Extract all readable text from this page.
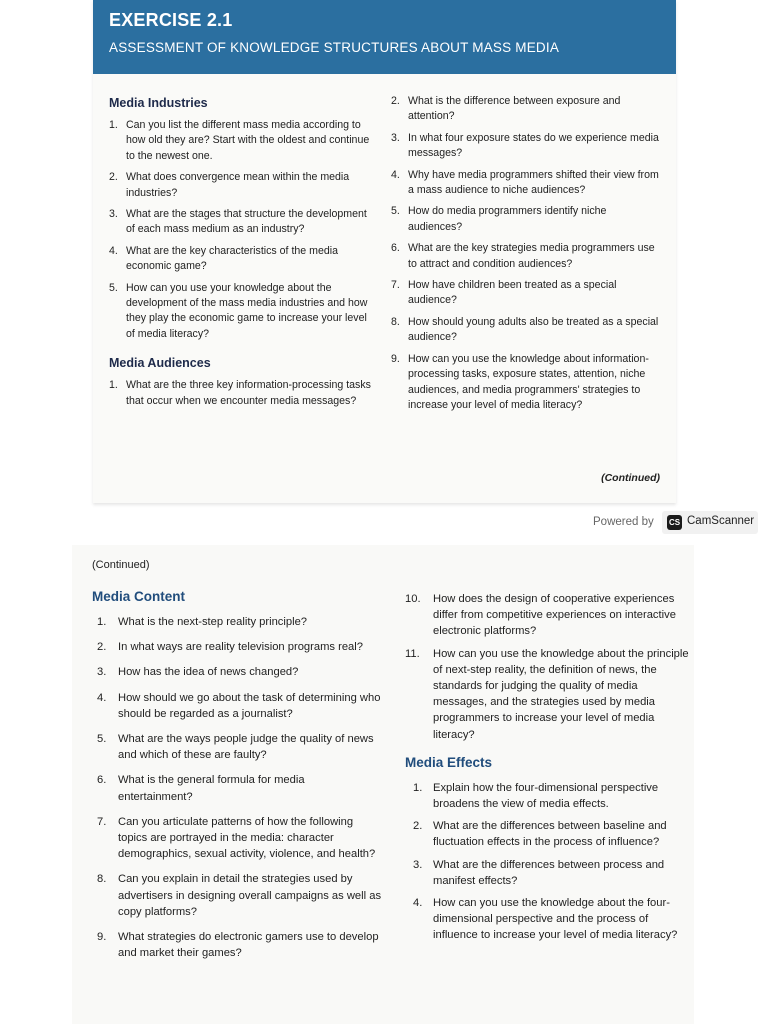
EXERCISE 2.1
ASSESSMENT OF KNOWLEDGE STRUCTURES ABOUT MASS MEDIA
Media Industries
1. Can you list the different mass media according to how old they are? Start with the oldest and continue to the newest one.
2. What does convergence mean within the media industries?
3. What are the stages that structure the development of each mass medium as an industry?
4. What are the key characteristics of the media economic game?
5. How can you use your knowledge about the development of the mass media industries and how they play the economic game to increase your level of media literacy?
Media Audiences
1. What are the three key information-processing tasks that occur when we encounter media messages?
2. What is the difference between exposure and attention?
3. In what four exposure states do we experience media messages?
4. Why have media programmers shifted their view from a mass audience to niche audiences?
5. How do media programmers identify niche audiences?
6. What are the key strategies media programmers use to attract and condition audiences?
7. How have children been treated as a special audience?
8. How should young adults also be treated as a special audience?
9. How can you use the knowledge about information-processing tasks, exposure states, attention, niche audiences, and media programmers' strategies to increase your level of media literacy?
(Continued)
Powered by CS CamScanner
(Continued)
Media Content
1. What is the next-step reality principle?
2. In what ways are reality television programs real?
3. How has the idea of news changed?
4. How should we go about the task of determining who should be regarded as a journalist?
5. What are the ways people judge the quality of news and which of these are faulty?
6. What is the general formula for media entertainment?
7. Can you articulate patterns of how the following topics are portrayed in the media: character demographics, sexual activity, violence, and health?
8. Can you explain in detail the strategies used by advertisers in designing overall campaigns as well as copy platforms?
9. What strategies do electronic gamers use to develop and market their games?
10. How does the design of cooperative experiences differ from competitive experiences on interactive electronic platforms?
11. How can you use the knowledge about the principle of next-step reality, the definition of news, the standards for judging the quality of media messages, and the strategies used by media programmers to increase your level of media literacy?
Media Effects
1. Explain how the four-dimensional perspective broadens the view of media effects.
2. What are the differences between baseline and fluctuation effects in the process of influence?
3. What are the differences between process and manifest effects?
4. How can you use the knowledge about the four-dimensional perspective and the process of influence to increase your level of media literacy?
